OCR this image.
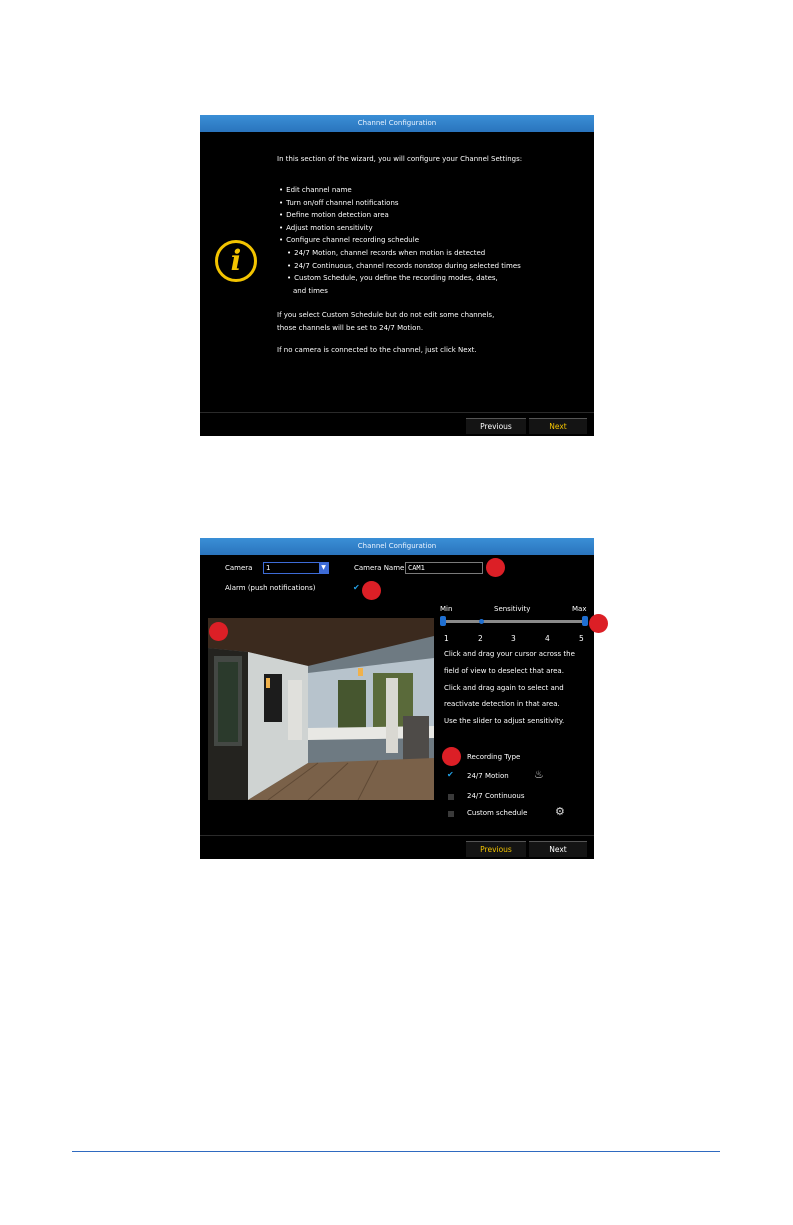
Channel Configuration
i
In this section of the wizard, you will configure your Channel Settings:
• Edit channel name
• Turn on/off channel notifications
• Define motion detection area
• Adjust motion sensitivity
• Configure channel recording schedule
• 24/7 Motion, channel records when motion is detected
• 24/7 Continuous, channel records nonstop during selected times
• Custom Schedule, you define the recording modes, dates,
and times
If you select Custom Schedule but do not edit some channels,
those channels will be set to 24/7 Motion.
If no camera is connected to the channel, just click Next.
Previous	Next
Channel Configuration
Camera	1	▼	Camera Name CAM1
Alarm (push notifications)	✔
Min	Sensitivity	Max
1	2	3	4	5
Click and drag your cursor across the
field of view to deselect that area.
Click and drag again to select and
reactivate detection in that area.
Use the slider to adjust sensitivity.
Recording Type
✔ 24/7 Motion ♨
24/7 Continuous
Custom schedule	⚙
Previous	Next
